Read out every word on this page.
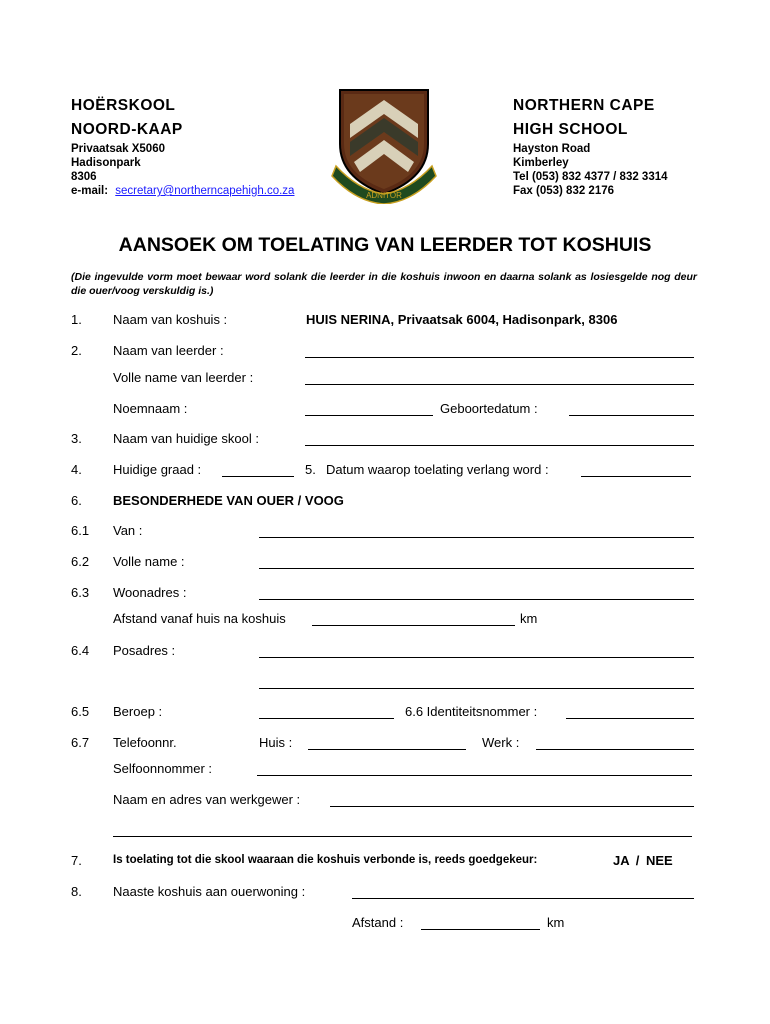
HOËRSKOOL
NOORD-KAAP
Privaatsak X5060
Hadisonpark
8306
e-mail: secretary@northerncapehigh.co.za	ADNITOR
NORTHERN CAPE
HIGH SCHOOL
Hayston Road
Kimberley
Tel (053) 832 4377 / 832 3314
Fax (053) 832 2176
AANSOEK OM TOELATING VAN LEERDER TOT KOSHUIS
(Die ingevulde vorm moet bewaar word solank die leerder in die koshuis inwoon en daarna solank as losiesgelde nog deur die ouer/voog verskuldig is.)
1. Naam van koshuis :	HUIS NERINA, Privaatsak 6004, Hadisonpark, 8306
2. Naam van leerder :
Volle name van leerder :
Noemnaam :	Geboortedatum :
3. Naam van huidige skool :
4. Huidige graad :	5. Datum waarop toelating verlang word :
6. BESONDERHEDE VAN OUER / VOOG
6.1 Van :
6.2 Volle name :
6.3 Woonadres :
Afstand vanaf huis na koshuis	km
6.4 Posadres :
6.5 Beroep :	6.6 Identiteitsnommer :
6.7 Telefoonnr.	Huis :	Werk :
Selfoonnommer :
Naam en adres van werkgewer :
7.	Is toelating tot die skool waaraan die koshuis verbonde is, reeds goedgekeur:	JA / NEE
8. Naaste koshuis aan ouerwoning :
Afstand :	km
